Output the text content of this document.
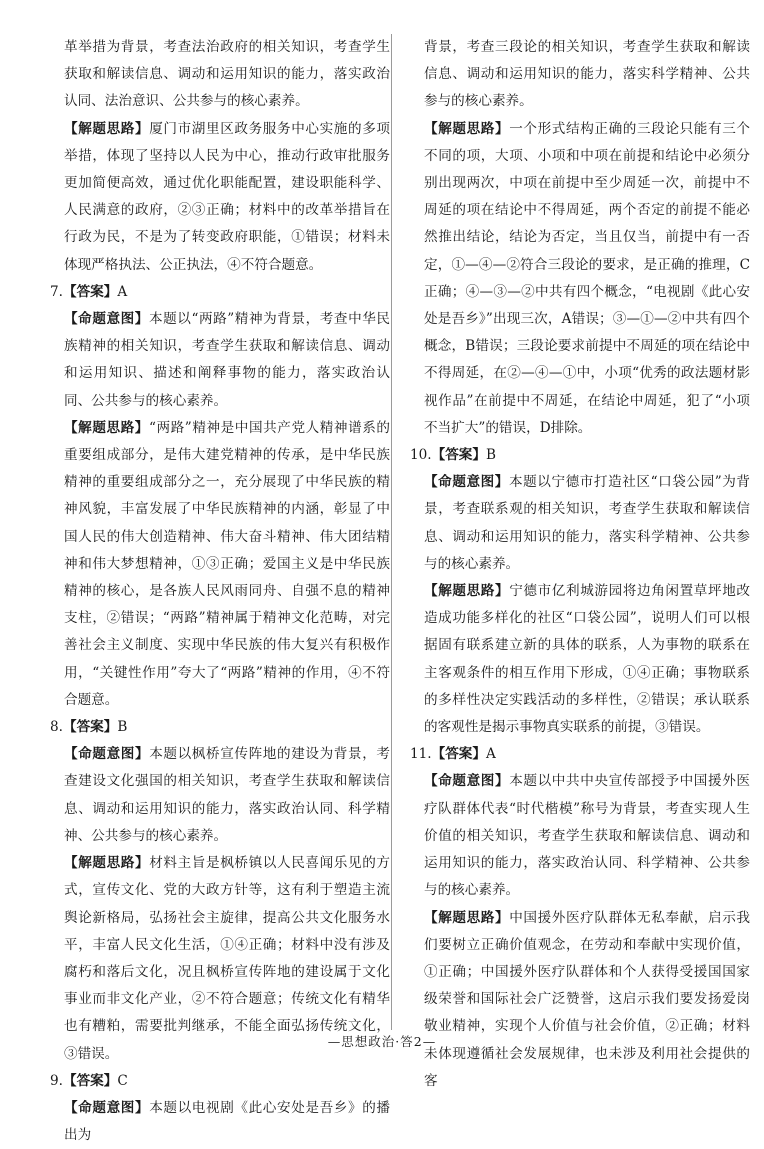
革举措为背景，考查法治政府的相关知识，考查学生获取和解读信息、调动和运用知识的能力，落实政治认同、法治意识、公共参与的核心素养。
【解题思路】厦门市湖里区政务服务中心实施的多项举措，体现了坚持以人民为中心，推动行政审批服务更加简便高效，通过优化职能配置，建设职能科学、人民满意的政府，②③正确；材料中的改革举措旨在行政为民，不是为了转变政府职能，①错误；材料未体现严格执法、公正执法，④不符合题意。
7.【答案】A
【命题意图】本题以“两路”精神为背景，考查中华民族精神的相关知识，考查学生获取和解读信息、调动和运用知识、描述和阐释事物的能力，落实政治认同、公共参与的核心素养。
【解题思路】“两路”精神是中国共产党人精神谱系的重要组成部分，是伟大建党精神的传承，是中华民族精神的重要组成部分之一，充分展现了中华民族的精神风貌，丰富发展了中华民族精神的内涵，彰显了中国人民的伟大创造精神、伟大奋斗精神、伟大团结精神和伟大梦想精神，①③正确；爱国主义是中华民族精神的核心，是各族人民风雨同舟、自强不息的精神支柱，②错误；“两路”精神属于精神文化范畴，对完善社会主义制度、实现中华民族的伟大复兴有积极作用，“关键性作用”夸大了“两路”精神的作用，④不符合题意。
8.【答案】B
【命题意图】本题以枫桥宣传阵地的建设为背景，考查建设文化强国的相关知识，考查学生获取和解读信息、调动和运用知识的能力，落实政治认同、科学精神、公共参与的核心素养。
【解题思路】材料主旨是枫桥镇以人民喜闻乐见的方式，宣传文化、党的大政方针等，这有利于塑造主流舆论新格局，弘扬社会主旋律，提高公共文化服务水平，丰富人民文化生活，①④正确；材料中没有涉及腐朽和落后文化，况且枫桥宣传阵地的建设属于文化事业而非文化产业，②不符合题意；传统文化有精华也有糟粕，需要批判继承，不能全面弘扬传统文化，③错误。
9.【答案】C
【命题意图】本题以电视剧《此心安处是吾乡》的播出为
背景，考查三段论的相关知识，考查学生获取和解读信息、调动和运用知识的能力，落实科学精神、公共参与的核心素养。
【解题思路】一个形式结构正确的三段论只能有三个不同的项，大项、小项和中项在前提和结论中必须分别出现两次，中项在前提中至少周延一次，前提中不周延的项在结论中不得周延，两个否定的前提不能必然推出结论，结论为否定，当且仅当，前提中有一否定，①—④—②符合三段论的要求，是正确的推理，C正确；④—③—②中共有四个概念，“电视剧《此心安处是吾乡》”出现三次，A错误；③—①—②中共有四个概念，B错误；三段论要求前提中不周延的项在结论中不得周延，在②—④—①中，小项“优秀的政法题材影视作品”在前提中不周延，在结论中周延，犯了“小项不当扩大”的错误，D排除。
10.【答案】B
【命题意图】本题以宁德市打造社区“口袋公园”为背景，考查联系观的相关知识，考查学生获取和解读信息、调动和运用知识的能力，落实科学精神、公共参与的核心素养。
【解题思路】宁德市亿利城游园将边角闲置草坪地改造成功能多样化的社区“口袋公园”，说明人们可以根据固有联系建立新的具体的联系，人为事物的联系在主客观条件的相互作用下形成，①④正确；事物联系的多样性决定实践活动的多样性，②错误；承认联系的客观性是揭示事物真实联系的前提，③错误。
11.【答案】A
【命题意图】本题以中共中央宣传部授予中国援外医疗队群体代表“时代楷模”称号为背景，考查实现人生价值的相关知识，考查学生获取和解读信息、调动和运用知识的能力，落实政治认同、科学精神、公共参与的核心素养。
【解题思路】中国援外医疗队群体无私奉献，启示我们要树立正确价值观念，在劳动和奉献中实现价值，①正确；中国援外医疗队群体和个人获得受援国国家级荣誉和国际社会广泛赞誉，这启示我们要发扬爱岗敬业精神，实现个人价值与社会价值，②正确；材料未体现遵循社会发展规律，也未涉及利用社会提供的客
—思想政治·答2—
